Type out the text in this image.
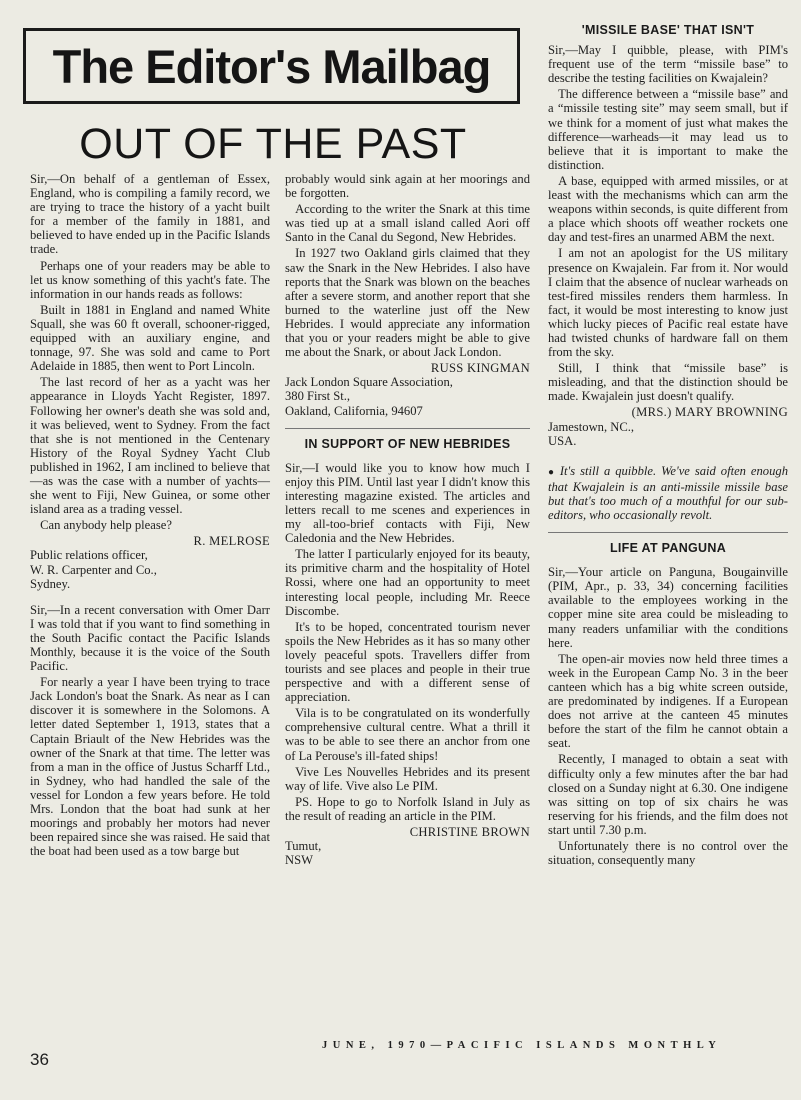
The Editor's Mailbag
OUT OF THE PAST

Sir,—On behalf of a gentleman of Essex, England, who is compiling a family record, we are trying to trace the history of a yacht built for a member of the family in 1881, and believed to have ended up in the Pacific Islands trade.

Perhaps one of your readers may be able to let us know something of this yacht's fate. The information in our hands reads as follows:

Built in 1881 in England and named White Squall, she was 60 ft overall, schooner-rigged, equipped with an auxiliary engine, and tonnage, 97. She was sold and came to Port Adelaide in 1885, then went to Port Lincoln.

The last record of her as a yacht was her appearance in Lloyds Yacht Register, 1897. Following her owner's death she was sold and, it was believed, went to Sydney. From the fact that she is not mentioned in the Centenary History of the Royal Sydney Yacht Club published in 1962, I am inclined to believe that —as was the case with a number of yachts—she went to Fiji, New Guinea, or some other island area as a trading vessel.

Can anybody help please?

R. MELROSE

Public relations officer,

W. R. Carpenter and Co.,

Sydney.

Sir,—In a recent conversation with Omer Darr I was told that if you want to find something in the South Pacific contact the Pacific Islands Monthly, because it is the voice of the South Pacific.

For nearly a year I have been trying to trace Jack London's boat the Snark. As near as I can discover it is somewhere in the Solomons. A letter dated September 1, 1913, states that a Captain Briault of the New Hebrides was the owner of the Snark at that time. The letter was from a man in the office of Justus Scharff Ltd., in Sydney, who had handled the sale of the vessel for London a few years before. He told Mrs. London that the boat had sunk at her moorings and probably her motors had never been repaired since she was raised. He said that the boat had been used as a tow barge but

probably would sink again at her moorings and be forgotten.

According to the writer the Snark at this time was tied up at a small island called Aori off Santo in the Canal du Segond, New Hebrides.

In 1927 two Oakland girls claimed that they saw the Snark in the New Hebrides. I also have reports that the Snark was blown on the beaches after a severe storm, and another report that she burned to the waterline just off the New Hebrides. I would appreciate any information that you or your readers might be able to give me about the Snark, or about Jack London.

RUSS KINGMAN

Jack London Square Association,

380 First St.,

Oakland, California, 94607

IN SUPPORT OF NEW HEBRIDES

Sir,—I would like you to know how much I enjoy this PIM. Until last year I didn't know this interesting magazine existed. The articles and letters recall to me scenes and experiences in my all-too-brief contacts with Fiji, New Caledonia and the New Hebrides.

The latter I particularly enjoyed for its beauty, its primitive charm and the hospitality of Hotel Rossi, where one had an opportunity to meet interesting local people, including Mr. Reece Discombe.

It's to be hoped, concentrated tourism never spoils the New Hebrides as it has so many other lovely peaceful spots. Travellers differ from tourists and see places and people in their true perspective and with a different sense of appreciation.

Vila is to be congratulated on its wonderfully comprehensive cultural centre. What a thrill it was to be able to see there an anchor from one of La Perouse's ill-fated ships!

Vive Les Nouvelles Hebrides and its present way of life. Vive also Le PIM.

PS. Hope to go to Norfolk Island in July as the result of reading an article in the PIM.

CHRISTINE BROWN

Tumut,

NSW

'MISSILE BASE' THAT ISN'T

Sir,—May I quibble, please, with PIM's frequent use of the term “missile base” to describe the testing facilities on Kwajalein?

The difference between a “missile base” and a “missile testing site” may seem small, but if we think for a moment of just what makes the difference—warheads—it may lead us to believe that it is important to make the distinction.

A base, equipped with armed missiles, or at least with the mechanisms which can arm the weapons within seconds, is quite different from a place which shoots off weather rockets one day and test-fires an unarmed ABM the next.

I am not an apologist for the US military presence on Kwajalein. Far from it. Nor would I claim that the absence of nuclear warheads on test-fired missiles renders them harmless. In fact, it would be most interesting to know just which lucky pieces of Pacific real estate have had twisted chunks of hardware fall on them from the sky.

Still, I think that “missile base” is misleading, and that the distinction should be made. Kwajalein just doesn't qualify.

(MRS.) MARY BROWNING

Jamestown, NC.,

USA.

● It's still a quibble. We've said often enough that Kwajalein is an anti-missile missile base but that's too much of a mouthful for our sub-editors, who occasionally revolt.

LIFE AT PANGUNA

Sir,—Your article on Panguna, Bougainville (PIM, Apr., p. 33, 34) concerning facilities available to the employees working in the copper mine site area could be misleading to many readers unfamiliar with the conditions here.

The open-air movies now held three times a week in the European Camp No. 3 in the beer canteen which has a big white screen outside, are predominated by indigenes. If a European does not arrive at the canteen 45 minutes before the start of the film he cannot obtain a seat.

Recently, I managed to obtain a seat with difficulty only a few minutes after the bar had closed on a Sunday night at 6.30. One indigene was sitting on top of six chairs he was reserving for his friends, and the film does not start until 7.30 p.m.

Unfortunately there is no control over the situation, consequently many

36
JUNE, 1970—PACIFIC ISLANDS MONTHLY
